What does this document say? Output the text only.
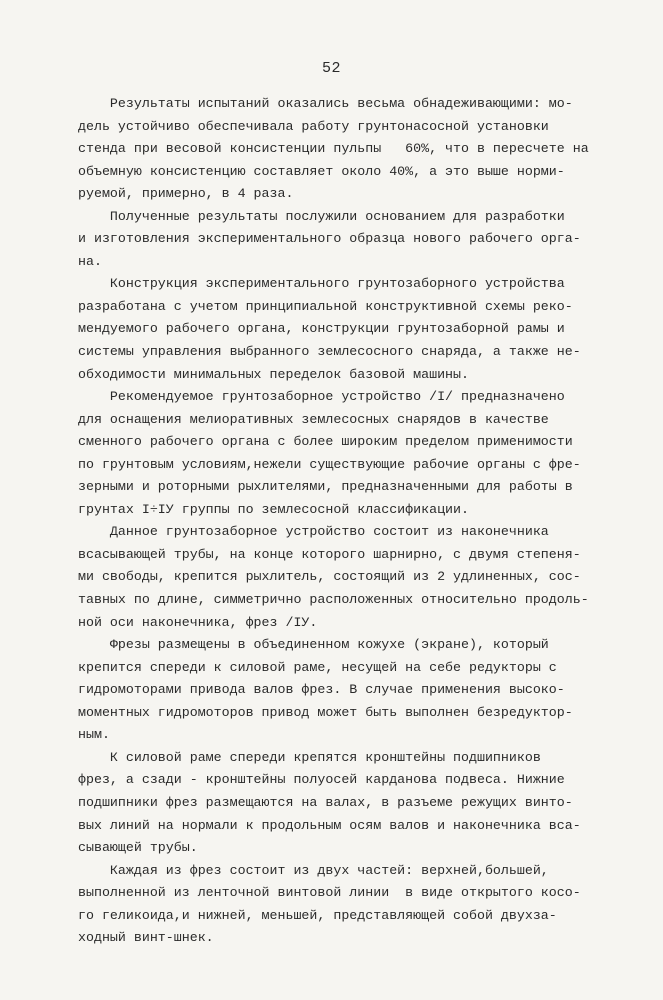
52
Результаты испытаний оказались весьма обнадеживающими: мо-
дель устойчиво обеспечивала работу грунтонасосной установки
стенда при весовой консистенции пульпы   60%, что в пересчете на
объемную консистенцию составляет около 40%, а это выше норми-
руемой, примерно, в 4 раза.
Полученные результаты послужили основанием для разработки
и изготовления экспериментального образца нового рабочего орга-
на.
Конструкция экспериментального грунтозаборного устройства
разработана с учетом принципиальной конструктивной схемы реко-
мендуемого рабочего органа, конструкции грунтозаборной рамы и
системы управления выбранного землесосного снаряда, а также не-
обходимости минимальных переделок базовой машины.
Рекомендуемое грунтозаборное устройство /I/ предназначено
для оснащения мелиоративных землесосных снарядов в качестве
сменного рабочего органа с более широким пределом применимости
по грунтовым условиям,нежели существующие рабочие органы с фре-
зерными и роторными рыхлителями, предназначенными для работы в
грунтах I÷IУ группы по землесосной классификации.
Данное грунтозаборное устройство состоит из наконечника
всасывающей трубы, на конце которого шарнирно, с двумя степеня-
ми свободы, крепится рыхлитель, состоящий из 2 удлиненных, сос-
тавных по длине, симметрично расположенных относительно продоль-
ной оси наконечника, фрез /IУ.
Фрезы размещены в объединенном кожухе (экране), который
крепится спереди к силовой раме, несущей на себе редукторы с
гидромоторами привода валов фрез. В случае применения высоко-
моментных гидромоторов привод может быть выполнен безредуктор-
ным.
К силовой раме спереди крепятся кронштейны подшипников
фрез, а сзади - кронштейны полуосей карданова подвеса. Нижние
подшипники фрез размещаются на валах, в разъеме режущих винто-
вых линий на нормали к продольным осям валов и наконечника вса-
сывающей трубы.
Каждая из фрез состоит из двух частей: верхней,большей,
выполненной из ленточной винтовой линии  в виде открытого косо-
го геликоида,и нижней, меньшей, представляющей собой двухза-
ходный винт-шнек.
